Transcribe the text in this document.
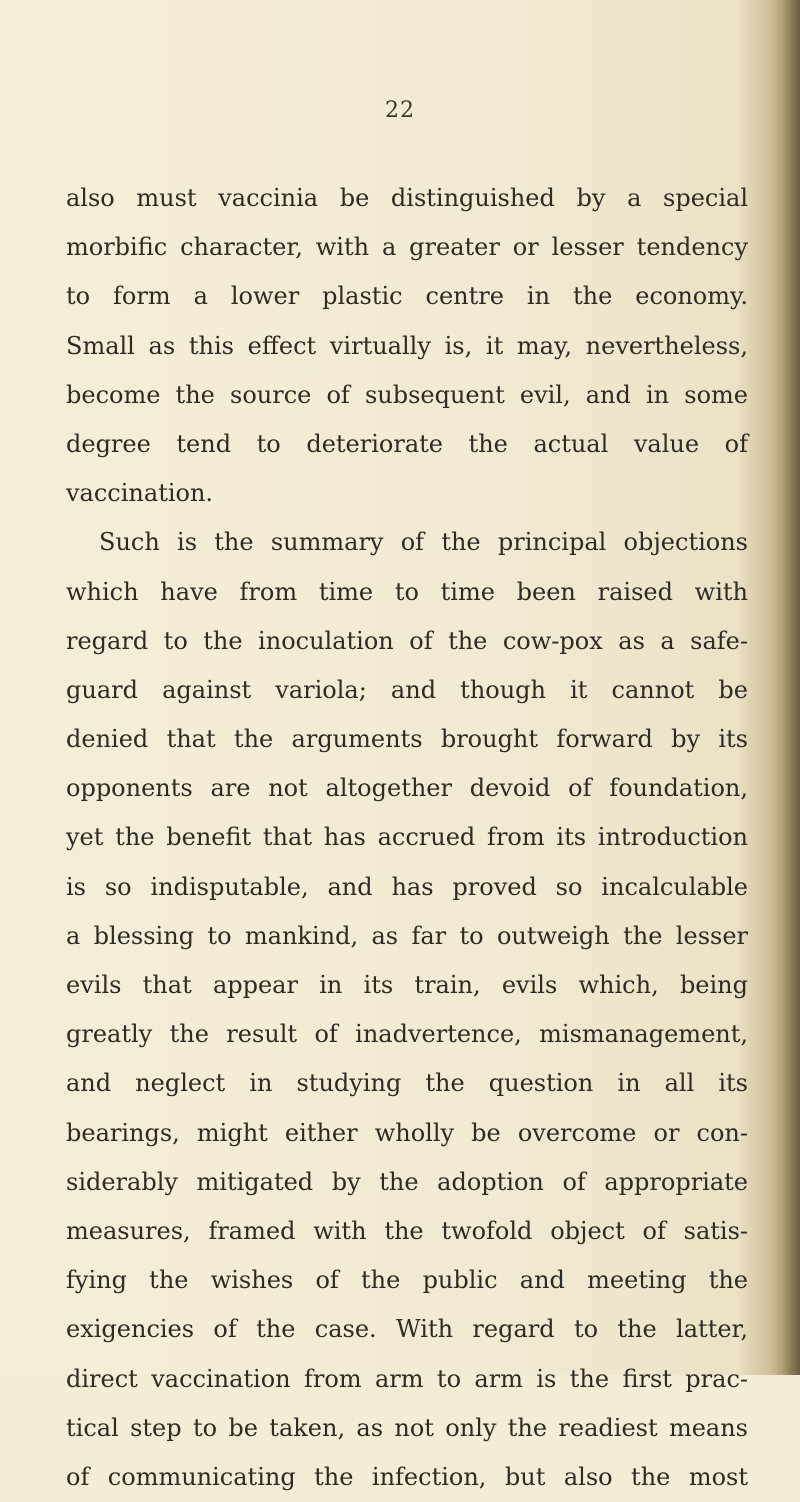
22
also must vaccinia be distinguished by a special
morbific character, with a greater or lesser tendency
to form a lower plastic centre in the economy.
Small as this effect virtually is, it may, nevertheless,
become the source of subsequent evil, and in some
degree tend to deteriorate the actual value of
vaccination.
Such is the summary of the principal objections
which have from time to time been raised with
regard to the inoculation of the cow-pox as a safe-
guard against variola; and though it cannot be
denied that the arguments brought forward by its
opponents are not altogether devoid of foundation,
yet the benefit that has accrued from its introduction
is so indisputable, and has proved so incalculable
a blessing to mankind, as far to outweigh the lesser
evils that appear in its train, evils which, being
greatly the result of inadvertence, mismanagement,
and neglect in studying the question in all its
bearings, might either wholly be overcome or con-
siderably mitigated by the adoption of appropriate
measures, framed with the twofold object of satis-
fying the wishes of the public and meeting the
exigencies of the case. With regard to the latter,
direct vaccination from arm to arm is the first prac-
tical step to be taken, as not only the readiest means
of communicating the infection, but also the most
